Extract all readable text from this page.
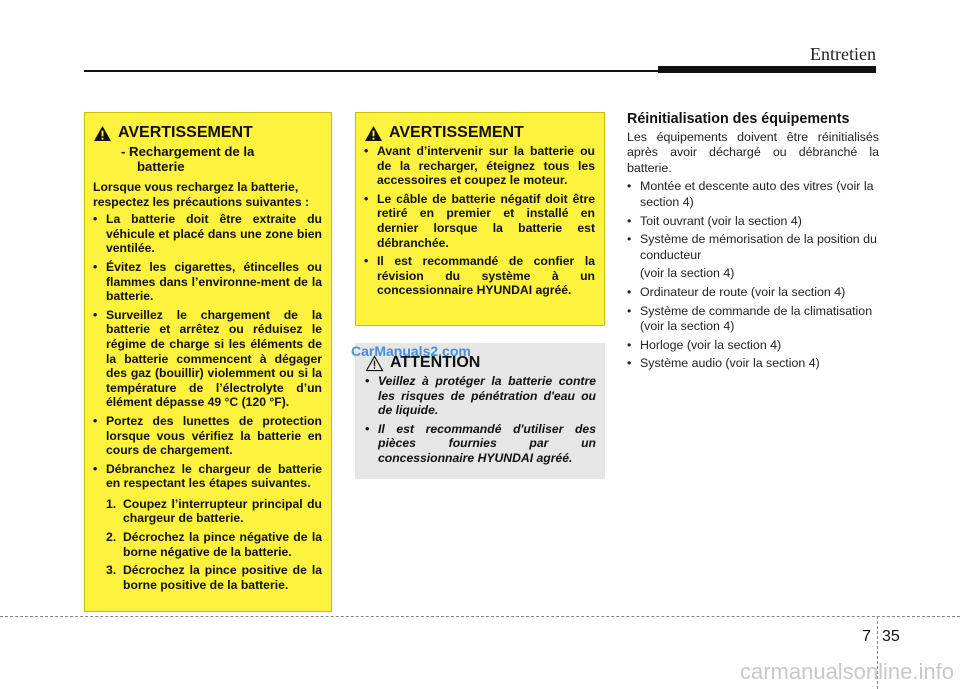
Entretien
AVERTISSEMENT
- Rechargement de la
batterie
Lorsque vous rechargez la batterie, respectez les précautions suivantes :
• La batterie doit être extraite du véhicule et placé dans une zone bien ventilée.
• Évitez les cigarettes, étincelles ou flammes dans l’environne-ment de la batterie.
• Surveillez le chargement de la batterie et arrêtez ou réduisez le régime de charge si les éléments de la batterie commencent à dégager des gaz (bouillir) violemment ou si la température de l’électrolyte d’un élément dépasse 49 °C (120 °F).
• Portez des lunettes de protection lorsque vous vérifiez la batterie en cours de chargement.
• Débranchez le chargeur de batterie en respectant les étapes suivantes.
1. Coupez l’interrupteur principal du chargeur de batterie.
2. Décrochez la pince négative de la borne négative de la batterie.
3. Décrochez la pince positive de la borne positive de la batterie.
AVERTISSEMENT
• Avant d’intervenir sur la batterie ou de la recharger, éteignez tous les accessoires et coupez le moteur.
• Le câble de batterie négatif doit être retiré en premier et installé en dernier lorsque la batterie est débranchée.
• Il est recommandé de confier la révision du système à un concessionnaire HYUNDAI agréé.
ATTENTION
• Veillez à protéger la batterie contre les risques de pénétration d'eau ou de liquide.
• Il est recommandé d'utiliser des pièces fournies par un concessionnaire HYUNDAI agréé.
CarManuals2.com
Réinitialisation des équipements

Les équipements doivent être réinitialisés après avoir déchargé ou débranché la batterie.

• Montée et descente auto des vitres (voir la section 4)
• Toit ouvrant (voir la section 4)
• Système de mémorisation de la position du conducteur
(voir la section 4)
• Ordinateur de route (voir la section 4)
• Système de commande de la climatisation (voir la section 4)
• Horloge (voir la section 4)
• Système audio (voir la section 4)
7 35
carmanualsonline.info
